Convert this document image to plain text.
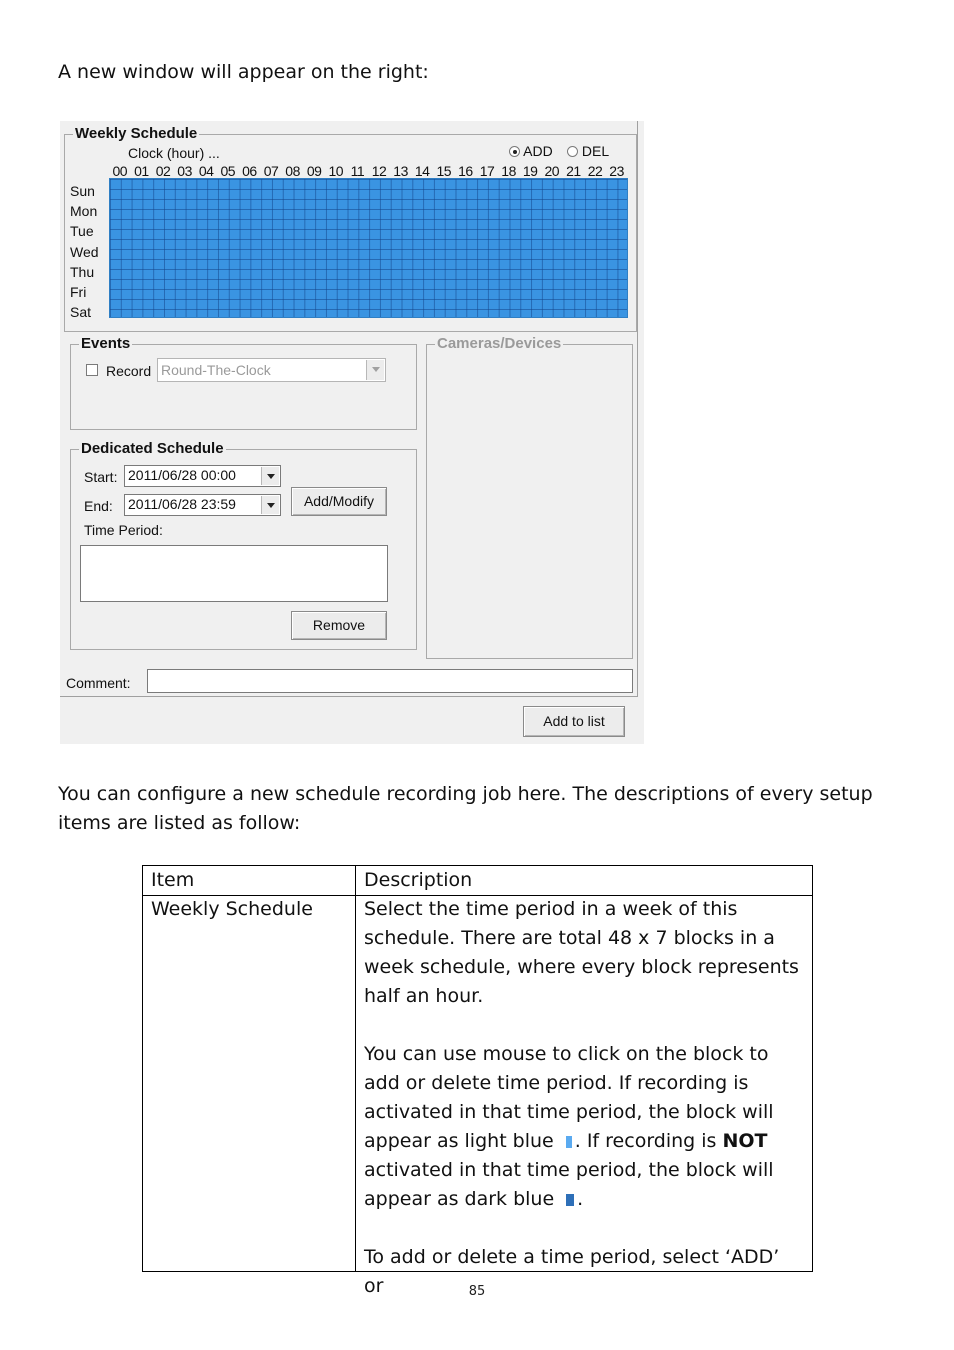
A new window will appear on the right:
Weekly Schedule
Clock (hour) ...	ADD	DEL
Events
Record Round-The-Clock
Cameras/Devices
Dedicated Schedule
Start: 2011/06/28 00:00
End: 2011/06/28 23:59	Add/Modify
Time Period:
Remove
Comment:
00 01 02 03 04 05 06 07 08 09 10 11 12 13 14 15 16 17 18 19 20 21 22 23
Sun
Mon
Tue
Wed
Thu
Fri
Sat
Add to list
You can configure a new schedule recording job here. The descriptions of every setup items are listed as follow:
Item	Description
Weekly Schedule	Select the time period in a week of this schedule. There are total 48 x 7 blocks in a week schedule, where every block represents half an hour.

You can use mouse to click on the block to add or delete time period. If recording is activated in that time period, the block will appear as light blue . If recording is NOT activated in that time period, the block will appear as dark blue .

To add or delete a time period, select ‘ADD’ or	85
